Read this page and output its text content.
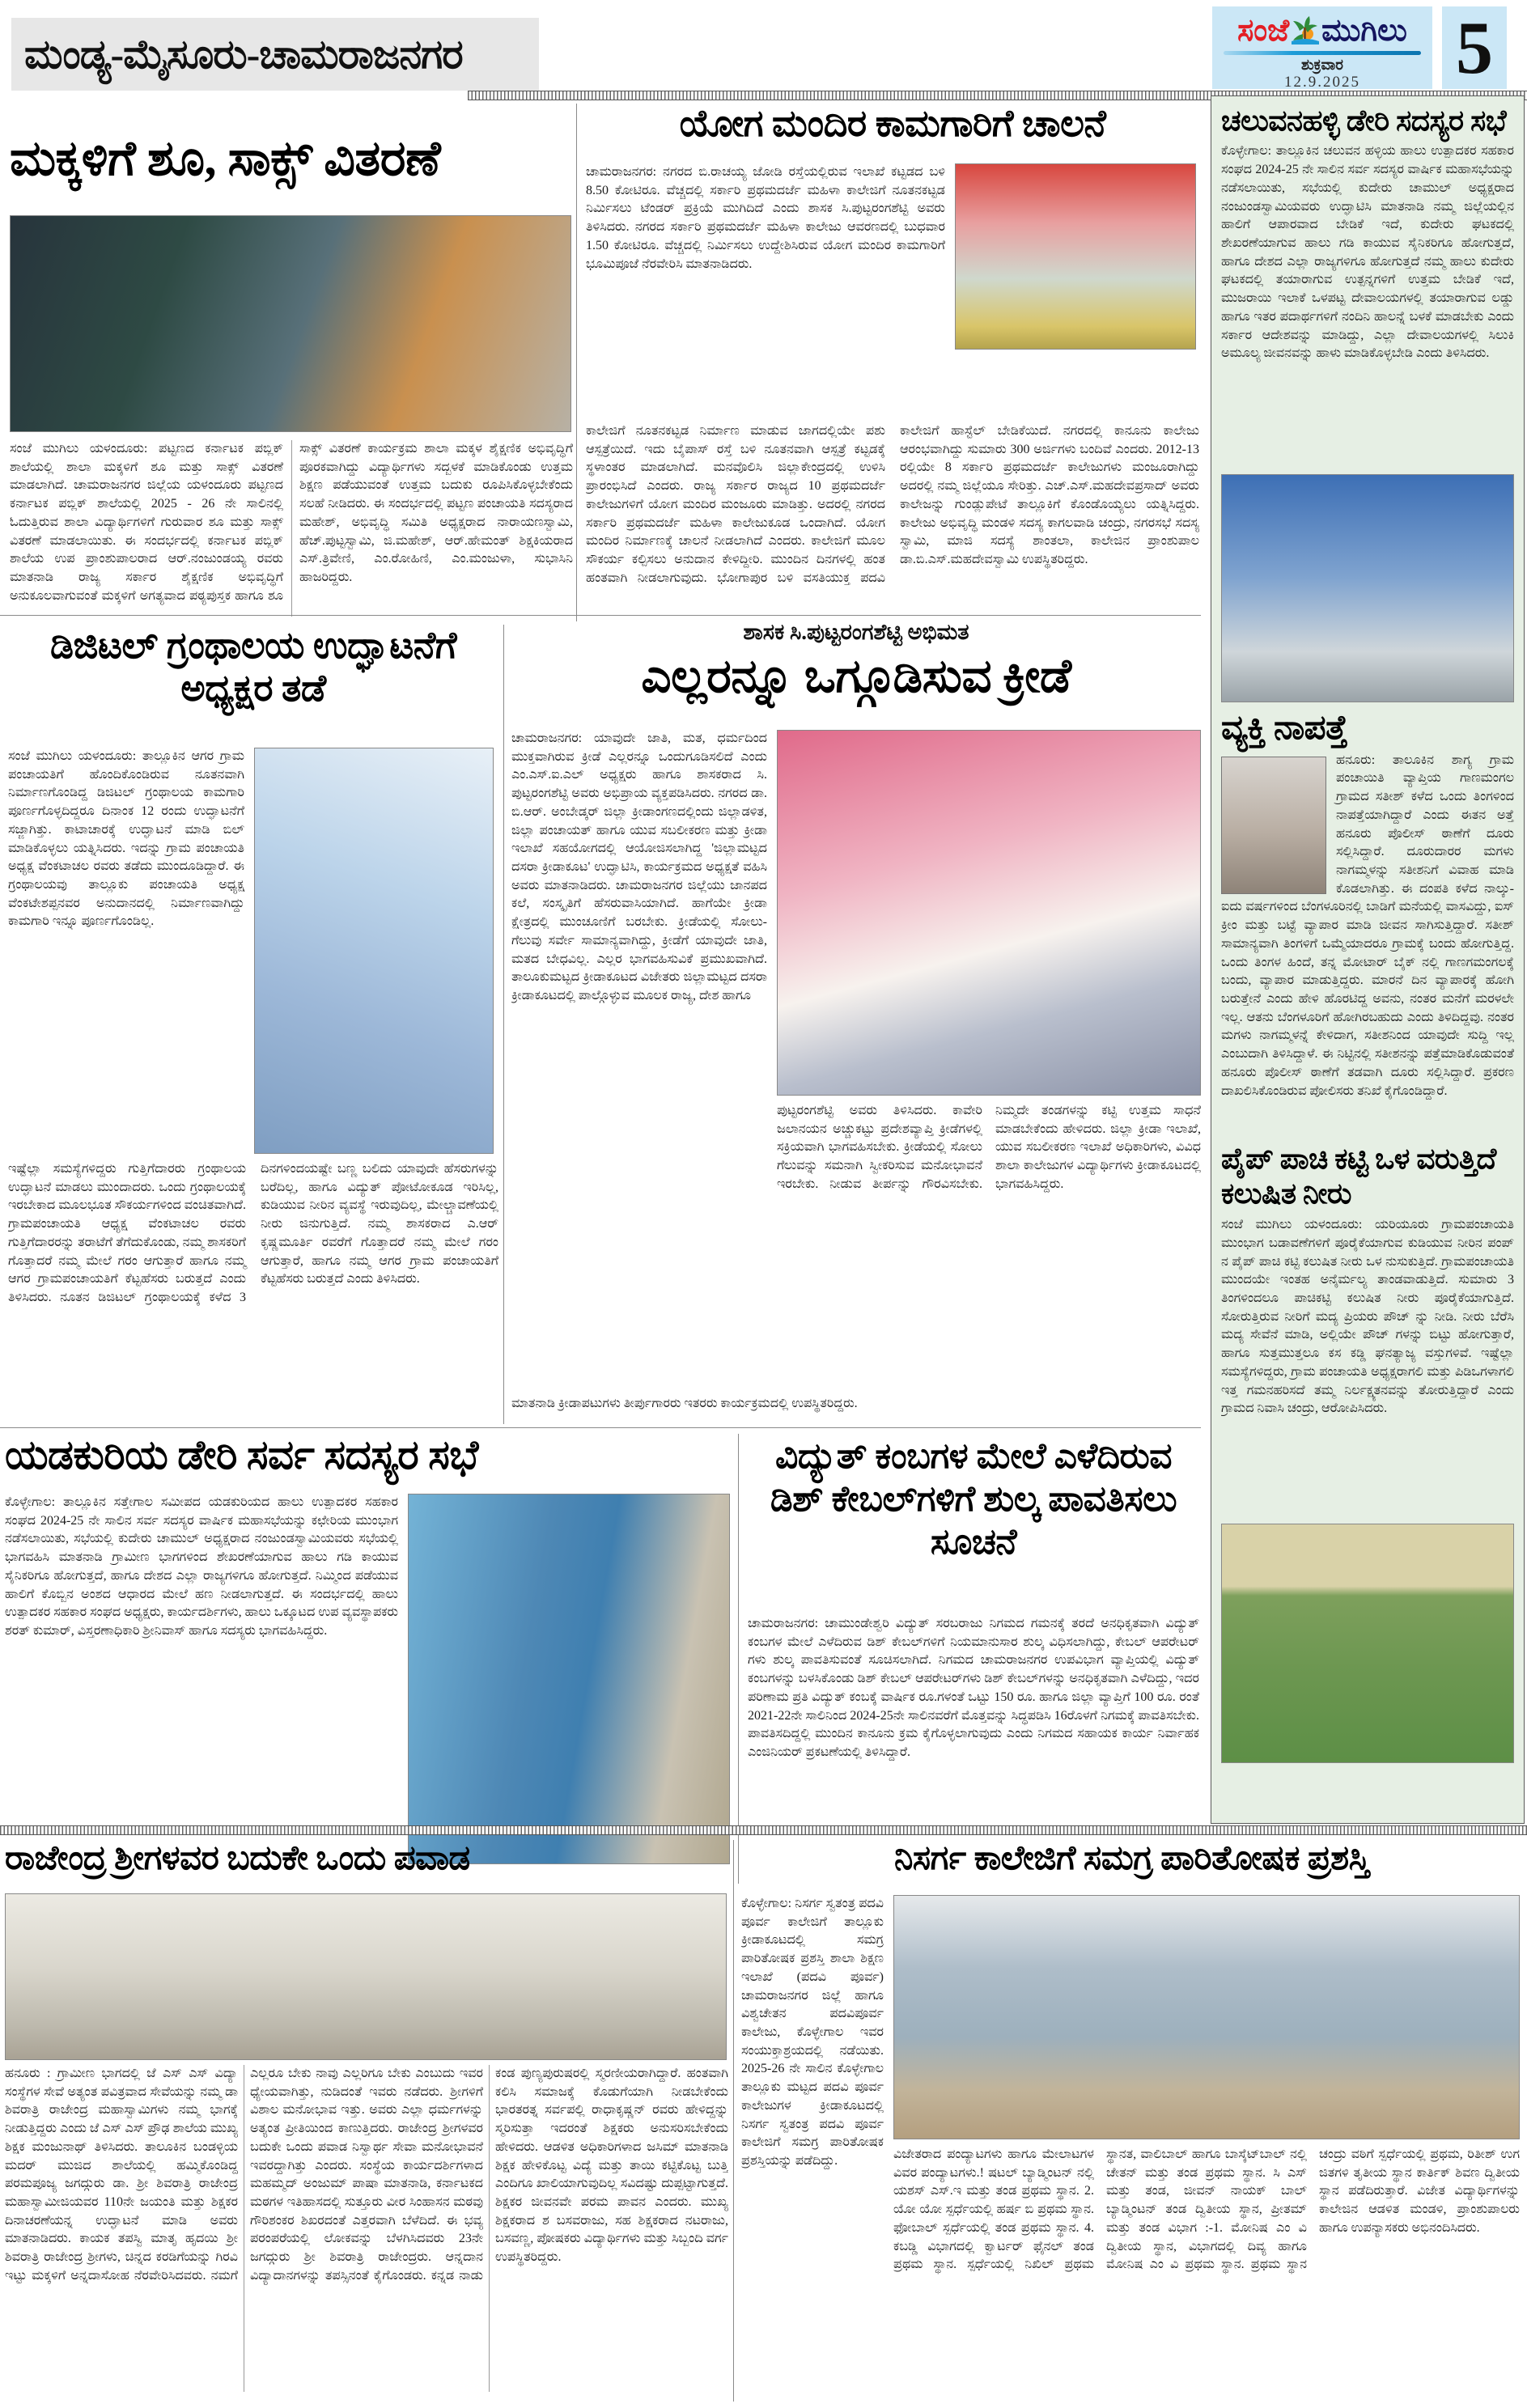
ಮಂಡ್ಯ-ಮೈಸೂರು-ಚಾಮರಾಜನಗರ
ಸಂಜೆ ಮುಗಿಲು
ಶುಕ್ರವಾರ
12.9.2025	5
ಮಕ್ಕಳಿಗೆ ಶೂ, ಸಾಕ್ಸ್ ವಿತರಣೆ
ಸಂಜೆ ಮುಗಿಲು ಯಳಂದೂರು: ಪಟ್ಟಣದ ಕರ್ನಾಟಕ ಪಬ್ಲಿಕ್ ಶಾಲೆಯಲ್ಲಿ ಶಾಲಾ ಮಕ್ಕಳಿಗೆ ಶೂ ಮತ್ತು ಸಾಕ್ಸ್ ವಿತರಣೆ ಮಾಡಲಾಗಿದೆ. ಚಾಮರಾಜನಗರ ಜಿಲ್ಲೆಯ ಯಳಂದೂರು ಪಟ್ಟಣದ ಕರ್ನಾಟಕ ಪಬ್ಲಿಕ್ ಶಾಲೆಯಲ್ಲಿ 2025 - 26 ನೇ ಸಾಲಿನಲ್ಲಿ ಓದುತ್ತಿರುವ ಶಾಲಾ ವಿದ್ಯಾರ್ಥಿಗಳಿಗೆ ಗುರುವಾರ ಶೂ ಮತ್ತು ಸಾಕ್ಸ್ ವಿತರಣೆ ಮಾಡಲಾಯಿತು. ಈ ಸಂದರ್ಭದಲ್ಲಿ ಕರ್ನಾಟಕ ಪಬ್ಲಿಕ್ ಶಾಲೆಯ ಉಪ ಪ್ರಾಂಶುಪಾಲರಾದ ಆರ್.ನಂಜುಂಡಯ್ಯ ರವರು ಮಾತನಾಡಿ ರಾಜ್ಯ ಸರ್ಕಾರ ಶೈಕ್ಷಣಿಕ ಅಭಿವೃದ್ಧಿಗೆ ಅನುಕೂಲವಾಗುವಂತೆ ಮಕ್ಕಳಿಗೆ ಅಗತ್ಯವಾದ ಪಠ್ಯಪುಸ್ತಕ ಹಾಗೂ ಶೂ ಸಾಕ್ಸ್ ವಿತರಣೆ ಕಾರ್ಯಕ್ರಮ ಶಾಲಾ ಮಕ್ಕಳ ಶೈಕ್ಷಣಿಕ ಅಭಿವೃದ್ಧಿಗೆ ಪೂರಕವಾಗಿದ್ದು ವಿದ್ಯಾರ್ಥಿಗಳು ಸದ್ಬಳಕೆ ಮಾಡಿಕೊಂಡು ಉತ್ತಮ ಶಿಕ್ಷಣ ಪಡೆಯುವಂತೆ ಉತ್ತಮ ಬದುಕು ರೂಪಿಸಿಕೊಳ್ಳಬೇಕೆಂದು ಸಲಹೆ ನೀಡಿದರು. ಈ ಸಂದರ್ಭದಲ್ಲಿ ಪಟ್ಟಣ ಪಂಚಾಯತಿ ಸದಸ್ಯರಾದ ಮಹೇಶ್, ಅಭಿವೃದ್ಧಿ ಸಮಿತಿ ಅಧ್ಯಕ್ಷರಾದ ನಾರಾಯಣಸ್ವಾಮಿ, ಹೆಚ್.ಪುಟ್ಟಸ್ವಾಮಿ, ಜಿ.ಮಹೇಶ್, ಆರ್.ಹೇಮಂತ್ ಶಿಕ್ಷಕಿಯರಾದ ಎಸ್.ತ್ರಿವೇಣಿ, ಎಂ.ರೋಹಿಣಿ, ಎಂ.ಮಂಜುಳಾ, ಸುಭಾಸಿನಿ ಹಾಜರಿದ್ದರು.
ಯೋಗ ಮಂದಿರ ಕಾಮಗಾರಿಗೆ ಚಾಲನೆ
ಚಾಮರಾಜನಗರ: ನಗರದ ಬಿ.ರಾಚಯ್ಯ ಜೋಡಿ ರಸ್ತೆಯಲ್ಲಿರುವ ಇಲಾಖೆ ಕಟ್ಟಡದ ಬಳಿ 8.50 ಕೋಟಿರೂ. ವೆಚ್ಚದಲ್ಲಿ ಸರ್ಕಾರಿ ಪ್ರಥಮದರ್ಜೆ ಮಹಿಳಾ ಕಾಲೇಜಿಗೆ ನೂತನಕಟ್ಟಡ ನಿರ್ಮಿಸಲು ಟೆಂಡರ್ ಪ್ರಕ್ರಿಯೆ ಮುಗಿದಿದೆ ಎಂದು ಶಾಸಕ ಸಿ.ಪುಟ್ಟರಂಗಶೆಟ್ಟಿ ಅವರು ತಿಳಿಸಿದರು. ನಗರದ ಸರ್ಕಾರಿ ಪ್ರಥಮದರ್ಜೆ ಮಹಿಳಾ ಕಾಲೇಜು ಆವರಣದಲ್ಲಿ ಬುಧವಾರ 1.50 ಕೋಟಿರೂ. ವೆಚ್ಚದಲ್ಲಿ ನಿರ್ಮಿಸಲು ಉದ್ದೇಶಿಸಿರುವ ಯೋಗ ಮಂದಿರ ಕಾಮಗಾರಿಗೆ ಭೂಮಿಪೂಜೆ ನೆರವೇರಿಸಿ ಮಾತನಾಡಿದರು.
ಕಾಲೇಜಿಗೆ ನೂತನಕಟ್ಟಡ ನಿರ್ಮಾಣ ಮಾಡುವ ಜಾಗದಲ್ಲಿಯೇ ಪಶು ಆಸ್ಪತ್ರೆಯಿದೆ. ಇದು ಬೈಪಾಸ್ ರಸ್ತೆ ಬಳಿ ನೂತನವಾಗಿ ಆಸ್ಪತ್ರೆ ಕಟ್ಟಡಕ್ಕೆ ಸ್ಥಳಾಂತರ ಮಾಡಲಾಗಿದೆ. ಮನವೊಲಿಸಿ ಜಿಲ್ಲಾಕೇಂದ್ರದಲ್ಲಿ ಉಳಿಸಿ ಪ್ರಾರಂಭಿಸಿದೆ ಎಂದರು. ರಾಜ್ಯ ಸರ್ಕಾರ ರಾಜ್ಯದ 10 ಪ್ರಥಮದರ್ಜೆ ಕಾಲೇಜುಗಳಿಗೆ ಯೋಗ ಮಂದಿರ ಮಂಜೂರು ಮಾಡಿತ್ತು. ಅದರಲ್ಲಿ ನಗರದ ಸರ್ಕಾರಿ ಪ್ರಥಮದರ್ಜೆ ಮಹಿಳಾ ಕಾಲೇಜುಕೂಡ ಒಂದಾಗಿದೆ. ಯೋಗ ಮಂದಿರ ನಿರ್ಮಾಣಕ್ಕೆ ಚಾಲನೆ ನೀಡಲಾಗಿದೆ ಎಂದರು. ಕಾಲೇಜಿಗೆ ಮೂಲ ಸೌಕರ್ಯ ಕಲ್ಪಿಸಲು ಅನುದಾನ ಕೇಳಿದ್ದೀರಿ. ಮುಂದಿನ ದಿನಗಳಲ್ಲಿ ಹಂತ ಹಂತವಾಗಿ ನೀಡಲಾಗುವುದು. ಭೋಗಾಪುರ ಬಳಿ ವಸತಿಯುಕ್ತ ಪದವಿ ಕಾಲೇಜಿಗೆ ಹಾಸ್ಟೆಲ್ ಬೇಡಿಕೆಯಿದೆ. ನಗರದಲ್ಲಿ ಕಾನೂನು ಕಾಲೇಜು ಆರಂಭವಾಗಿದ್ದು ಸುಮಾರು 300 ಅರ್ಜಿಗಳು ಬಂದಿವೆ ಎಂದರು. 2012-13 ರಲ್ಲಿಯೇ 8 ಸರ್ಕಾರಿ ಪ್ರಥಮದರ್ಜೆ ಕಾಲೇಜುಗಳು ಮಂಜೂರಾಗಿದ್ದು ಅದರಲ್ಲಿ ನಮ್ಮ ಜಿಲ್ಲೆಯೂ ಸೇರಿತ್ತು. ಎಚ್.ಎಸ್.ಮಹದೇವಪ್ರಸಾದ್ ಅವರು ಕಾಲೇಜನ್ನು ಗುಂಡ್ಲುಪೇಟೆ ತಾಲ್ಲೂಕಿಗೆ ಕೊಂಡೊಯ್ಯಲು ಯತ್ನಿಸಿದ್ದರು. ಕಾಲೇಜು ಅಭಿವೃದ್ಧಿ ಮಂಡಳಿ ಸದಸ್ಯ ಕಾಗಲವಾಡಿ ಚಂದ್ರು, ನಗರಸಭೆ ಸದಸ್ಯ ಸ್ವಾಮಿ, ಮಾಜಿ ಸದಸ್ಯೆ ಶಾಂತಲಾ, ಕಾಲೇಜಿನ ಪ್ರಾಂಶುಪಾಲ ಡಾ.ಬಿ.ಎಸ್.ಮಹದೇವಸ್ವಾಮಿ ಉಪಸ್ಥಿತರಿದ್ದರು.
ಚಲುವನಹಳ್ಳಿ ಡೇರಿ ಸದಸ್ಯರ ಸಭೆ
ಕೊಳ್ಳೇಗಾಲ: ತಾಲ್ಲೂಕಿನ ಚಲುವನ ಹಳ್ಳಿಯ ಹಾಲು ಉತ್ಪಾದಕರ ಸಹಕಾರ ಸಂಘದ 2024-25 ನೇ ಸಾಲಿನ ಸರ್ವ ಸದಸ್ಯರ ವಾರ್ಷಿಕ ಮಹಾಸಭೆಯನ್ನು ನಡೆಸಲಾಯಿತು, ಸಭೆಯಲ್ಲಿ ಕುದೇರು ಚಾಮುಲ್ ಅಧ್ಯಕ್ಷರಾದ ನಂಜುಂಡಸ್ವಾಮಿಯವರು ಉದ್ಘಾಟಿಸಿ ಮಾತನಾಡಿ ನಮ್ಮ ಜಿಲ್ಲೆಯಲ್ಲಿನ ಹಾಲಿಗೆ ಆಪಾರವಾದ ಬೇಡಿಕೆ ಇದೆ, ಕುದೇರು ಘಟಕದಲ್ಲಿ ಶೇಖರಣೆಯಾಗುವ ಹಾಲು ಗಡಿ ಕಾಯುವ ಸೈನಿಕರಿಗೂ ಹೋಗುತ್ತದೆ, ಹಾಗೂ ದೇಶದ ಎಲ್ಲಾ ರಾಜ್ಯಗಳಿಗೂ ಹೋಗುತ್ತದೆ ನಮ್ಮ ಹಾಲು ಕುದೇರು ಘಟಕದಲ್ಲಿ ತಯಾರಾಗುವ ಉತ್ಪನ್ನಗಳಿಗೆ ಉತ್ತಮ ಬೇಡಿಕೆ ಇದೆ, ಮುಜರಾಯಿ ಇಲಾಕೆ ಒಳಪಟ್ಟ ದೇವಾಲಯಗಳಲ್ಲಿ ತಯಾರಾಗುವ ಲಡ್ಡು ಹಾಗೂ ಇತರ ಪದಾರ್ಥಗಳಿಗೆ ನಂದಿನಿ ಹಾಲನ್ನೆ ಬಳಕೆ ಮಾಡಬೇಕು ಎಂದು ಸರ್ಕಾರ ಆದೇಶವನ್ನು ಮಾಡಿದ್ದು, ಎಲ್ಲಾ ದೇವಾಲಯಗಳಲ್ಲಿ ಸಿಲುಕಿ ಅಮೂಲ್ಯ ಜೀವನವನ್ನು ಹಾಳು ಮಾಡಿಕೊಳ್ಳಬೇಡಿ ಎಂದು ತಿಳಿಸಿದರು.
ವ್ಯಕ್ತಿ ನಾಪತ್ತೆ
ಹನೂರು: ತಾಲೂಕಿನ ಶಾಗ್ಯ ಗ್ರಾಮ ಪಂಚಾಯಿತಿ ವ್ಯಾಪ್ತಿಯ ಗಾಣಮಂಗಲ ಗ್ರಾಮದ ಸತೀಶ್ ಕಳೆದ ಒಂದು ತಿಂಗಳಿಂದ ನಾಪತ್ತೆಯಾಗಿದ್ದಾರೆ ಎಂದು ಈತನ ಅತ್ತೆ ಹನೂರು ಪೊಲೀಸ್ ಠಾಣೆಗೆ ದೂರು ಸಲ್ಲಿಸಿದ್ದಾರೆ. ದೂರುದಾರರ ಮಗಳು ನಾಗಮ್ಮಳನ್ನು ಸತೀಶನಿಗೆ ವಿವಾಹ ಮಾಡಿ ಕೊಡಲಾಗಿತ್ತು. ಈ ದಂಪತಿ ಕಳೆದ ನಾಲ್ಕು-ಐದು ವರ್ಷಗಳಿಂದ ಬೆಂಗಳೂರಿನಲ್ಲಿ ಬಾಡಿಗೆ ಮನೆಯಲ್ಲಿ ವಾಸವಿದ್ದು, ಐಸ್ ಕ್ರೀಂ ಮತ್ತು ಬಟ್ಟೆ ವ್ಯಾಪಾರ ಮಾಡಿ ಜೀವನ ಸಾಗಿಸುತ್ತಿದ್ದಾರೆ. ಸತೀಶ್ ಸಾಮಾನ್ಯವಾಗಿ ತಿಂಗಳಿಗೆ ಒಮ್ಮೆಯಾದರೂ ಗ್ರಾಮಕ್ಕೆ ಬಂದು ಹೋಗುತ್ತಿದ್ದ. ಒಂದು ತಿಂಗಳ ಹಿಂದೆ, ತನ್ನ ಮೋಟಾರ್ ಬೈಕ್ ನಲ್ಲಿ ಗಾಣಗಮಂಗಲಕ್ಕೆ ಬಂದು, ವ್ಯಾಪಾರ ಮಾಡುತ್ತಿದ್ದರು. ಮಾರನೆ ದಿನ ವ್ಯಾಪಾರಕ್ಕೆ ಹೋಗಿ ಬರುತ್ತೇನೆ ಎಂದು ಹೇಳಿ ಹೊರಟಿದ್ದ ಅವನು, ನಂತರ ಮನೆಗೆ ಮರಳಲೇ ಇಲ್ಲ. ಆತನು ಬೆಂಗಳೂರಿಗೆ ಹೋಗಿರಬಹುದು ಎಂದು ತಿಳಿದಿದ್ದವು. ನಂತರ ಮಗಳು ನಾಗಮ್ಮಳನ್ನೆ ಕೇಳಿದಾಗ, ಸತೀಶನಿಂದ ಯಾವುದೇ ಸುದ್ದಿ ಇಲ್ಲ ಎಂಬುದಾಗಿ ತಿಳಿಸಿದ್ದಾಳೆ. ಈ ನಿಟ್ಟಿನಲ್ಲಿ ಸತೀಶನನ್ನು ಪತ್ತೆಮಾಡಿಕೊಡುವಂತೆ ಹನೂರು ಪೊಲೀಸ್ ಠಾಣೆಗೆ ತಡವಾಗಿ ದೂರು ಸಲ್ಲಿಸಿದ್ದಾರೆ. ಪ್ರಕರಣ ದಾಖಲಿಸಿಕೊಂಡಿರುವ ಪೋಲಿಸರು ತನಿಖೆ ಕೈಗೊಂಡಿದ್ದಾರೆ.
ಪೈಪ್ ಪಾಚಿ ಕಟ್ಟಿ ಒಳ ವರುತ್ತಿದೆ ಕಲುಷಿತ ನೀರು
ಸಂಜೆ ಮುಗಿಲು ಯಳಂದೂರು: ಯರಿಯೂರು ಗ್ರಾಮಪಂಚಾಯತಿ ಮುಂಭಾಗ ಬಡಾವಣೆಗಳಿಗೆ ಪೂರೈಕೆಯಾಗುವ ಕುಡಿಯುವ ನೀರಿನ ಪಂಪ್ ನ ಪೈಪ್ ಪಾಚಿ ಕಟ್ಟಿ ಕಲುಷಿತ ನೀರು ಒಳ ನುಸುಕುತ್ತಿದೆ. ಗ್ರಾಮಪಂಚಾಯತಿ ಮುಂದಯೇ ಇಂತಹ ಅನೈರ್ಮಲ್ಯ ತಾಂಡವಾಡುತ್ತಿದೆ. ಸುಮಾರು 3 ತಿಂಗಳಿಂದಲೂ ಪಾಚಿಕಟ್ಟಿ ಕಲುಷಿತ ನೀರು ಪೂರೈಕೆಯಾಗುತ್ತಿದೆ. ಸೋರುತ್ತಿರುವ ನೀರಿಗೆ ಮದ್ಯ ಪ್ರಿಯರು ಪೌಚ್ ನ್ನು ನೀಡಿ. ನೀರು ಬೆರೆಸಿ ಮದ್ಯ ಸೇವೆನೆ ಮಾಡಿ, ಅಲ್ಲಿಯೇ ಪೌಚ್ ಗಳನ್ನು ಬಿಟ್ಟು ಹೋಗುತ್ತಾರೆ, ಹಾಗೂ ಸುತ್ತಮುತ್ತಲೂ ಕಸ ಕಡ್ಡಿ ಘನತ್ಯಾಜ್ಯ ವಸ್ತುಗಳಿವೆ. ಇಷ್ಟೆಲ್ಲಾ ಸಮಸ್ಯೆಗಳಿದ್ದರು, ಗ್ರಾಮ ಪಂಚಾಯತಿ ಅಧ್ಯಕ್ಷರಾಗಲಿ ಮತ್ತು ಪಿಡಿಒಗಳಾಗಲಿ ಇತ್ತ ಗಮನಹರಿಸದೆ ತಮ್ಮ ನಿರ್ಲಕ್ಷ್ಯತನವನ್ನು ತೋರುತ್ತಿದ್ದಾರೆ ಎಂದು ಗ್ರಾಮದ ನಿವಾಸಿ ಚಂದ್ರು, ಆರೋಪಿಸಿದರು.
ಡಿಜಿಟಲ್ ಗ್ರಂಥಾಲಯ ಉದ್ಘಾಟನೆಗೆ ಅಧ್ಯಕ್ಷರ ತಡೆ
ಸಂಜೆ ಮುಗಿಲು ಯಳಂದೂರು: ತಾಲ್ಲೂಕಿನ ಆಗರ ಗ್ರಾಮ ಪಂಚಾಯತಿಗೆ ಹೊಂದಿಕೊಂಡಿರುವ ನೂತನವಾಗಿ ನಿರ್ಮಾಣಗೊಂಡಿದ್ದ ಡಿಜಿಟಲ್ ಗ್ರಂಥಾಲಯ ಕಾಮಗಾರಿ ಪೂರ್ಣಗೊಳ್ಳದಿದ್ದರೂ ದಿನಾಂಕ 12 ರಂದು ಉದ್ಘಾಟನೆಗೆ ಸಜ್ಜಾಗಿತ್ತು. ಕಾಟಾಚಾರಕ್ಕೆ ಉದ್ಘಾಟನೆ ಮಾಡಿ ಬಿಲ್ ಮಾಡಿಕೊಳ್ಳಲು ಯತ್ನಿಸಿದರು. ಇದನ್ನು ಗ್ರಾಮ ಪಂಚಾಯತಿ ಅಧ್ಯಕ್ಷ ವೆಂಕಟಾಚಲ ರವರು ತಡೆದು ಮುಂದೂಡಿದ್ದಾರೆ. ಈ ಗ್ರಂಥಾಲಯವು ತಾಲ್ಲೂಕು ಪಂಚಾಯತಿ ಅಧ್ಯಕ್ಷ ವೆಂಕಟೇಶಪ್ಪನವರ ಅನುದಾನದಲ್ಲಿ ನಿರ್ಮಾಣವಾಗಿದ್ದು ಕಾಮಗಾರಿ ಇನ್ನೂ ಪೂರ್ಣಗೊಂಡಿಲ್ಲ.
ಇಷ್ಟೆಲ್ಲಾ ಸಮಸ್ಯೆಗಳಿದ್ದರು ಗುತ್ತಿಗೆದಾರರು ಗ್ರಂಥಾಲಯ ಉದ್ಘಾಟನೆ ಮಾಡಲು ಮುಂದಾದರು. ಒಂದು ಗ್ರಂಥಾಲಯಕ್ಕೆ ಇರಬೇಕಾದ ಮೂಲಭೂತ ಸೌಕರ್ಯಗಳಿಂದ ವಂಚಿತವಾಗಿದೆ. ಗ್ರಾಮಪಂಚಾಯತಿ ಆಧ್ಯಕ್ಷ ವೆಂಕಟಾಚಲ ರವರು ಗುತ್ತಿಗೆದಾರರನ್ನು ತರಾಟೆಗೆ ತೆಗೆದುಕೊಂಡು, ನಮ್ಮ ಶಾಸಕರಿಗೆ ಗೊತ್ತಾದರೆ ನಮ್ಮ ಮೇಲೆ ಗರಂ ಆಗುತ್ತಾರೆ ಹಾಗೂ ನಮ್ಮ ಆಗರ ಗ್ರಾಮಪಂಚಾಯತಿಗೆ ಕೆಟ್ಟಹೆಸರು ಬರುತ್ತದೆ ಎಂದು ತಿಳಿಸಿದರು. ನೂತನ ಡಿಜಿಟಲ್ ಗ್ರಂಥಾಲಯಕ್ಕೆ ಕಳೆದ 3 ದಿನಗಳಿಂದಯಷ್ಟೇ ಬಣ್ಣ ಬಲಿದು ಯಾವುದೇ ಹೆಸರುಗಳನ್ನು ಬರೆದಿಲ್ಲ, ಹಾಗೂ ವಿದ್ಯುತ್ ಪೋಟೋಕೂಡ ಇರಿಸಿಲ್ಲ, ಕುಡಿಯುವ ನೀರಿನ ವ್ಯವಸ್ಥೆ ಇರುವುದಿಲ್ಲ, ಮೇಲ್ಚಾವಣೆಯಲ್ಲಿ ನೀರು ಜಿನುಗುತ್ತಿದೆ. ನಮ್ಮ ಶಾಸಕರಾದ ಎ.ಆರ್ ಕೃಷ್ಣಮೂರ್ತಿ ರವರೆಗೆ ಗೊತ್ತಾದರೆ ನಮ್ಮ ಮೇಲೆ ಗರಂ ಆಗುತ್ತಾರೆ, ಹಾಗೂ ನಮ್ಮ ಆಗರ ಗ್ರಾಮ ಪಂಚಾಯತಿಗೆ ಕೆಟ್ಟಹೆಸರು ಬರುತ್ತದೆ ಎಂದು ತಿಳಿಸಿದರು.
ಶಾಸಕ ಸಿ.ಪುಟ್ಟರಂಗಶೆಟ್ಟಿ ಅಭಿಮತ
ಎಲ್ಲರನ್ನೂ ಒಗ್ಗೂಡಿಸುವ ಕ್ರೀಡೆ
ಚಾಮರಾಜನಗರ: ಯಾವುದೇ ಜಾತಿ, ಮತ, ಧರ್ಮದಿಂದ ಮುಕ್ತವಾಗಿರುವ ಕ್ರೀಡೆ ಎಲ್ಲರನ್ನೂ ಒಂದುಗೂಡಿಸಲಿದೆ ಎಂದು ಎಂ.ಎಸ್.ಐ.ಎಲ್ ಅಧ್ಯಕ್ಷರು ಹಾಗೂ ಶಾಸಕರಾದ ಸಿ. ಪುಟ್ಟರಂಗಶೆಟ್ಟಿ ಅವರು ಅಭಿಪ್ರಾಯ ವ್ಯಕ್ತಪಡಿಸಿದರು. ನಗರದ ಡಾ. ಬಿ.ಆರ್. ಅಂಬೇಡ್ಕರ್ ಜಿಲ್ಲಾ ಕ್ರೀಡಾಂಗಣದಲ್ಲಿಂದು ಜಿಲ್ಲಾಡಳಿತ, ಜಿಲ್ಲಾ ಪಂಚಾಯತ್ ಹಾಗೂ ಯುವ ಸಬಲೀಕರಣ ಮತ್ತು ಕ್ರೀಡಾ ಇಲಾಖೆ ಸಹಯೋಗದಲ್ಲಿ ಆಯೋಜಿಸಲಾಗಿದ್ದ 'ಜಿಲ್ಲಾಮಟ್ಟದ ದಸರಾ ಕ್ರೀಡಾಕೂಟ' ಉದ್ಘಾಟಿಸಿ, ಕಾರ್ಯಕ್ರಮದ ಅಧ್ಯಕ್ಷತೆ ವಹಿಸಿ ಅವರು ಮಾತನಾಡಿದರು. ಚಾಮರಾಜನಗರ ಜಿಲ್ಲೆಯು ಜಾನಪದ ಕಲೆ, ಸಂಸ್ಕೃತಿಗೆ ಹೆಸರುವಾಸಿಯಾಗಿದೆ. ಹಾಗೆಯೇ ಕ್ರೀಡಾ ಕ್ಷೇತ್ರದಲ್ಲಿ ಮುಂಚೂಣಿಗೆ ಬರಬೇಕು. ಕ್ರೀಡೆಯಲ್ಲಿ ಸೋಲು-ಗೆಲುವು ಸರ್ವೇ ಸಾಮಾನ್ಯವಾಗಿದ್ದು, ಕ್ರೀಡೆಗೆ ಯಾವುದೇ ಜಾತಿ, ಮತದ ಬೇಧವಿಲ್ಲ. ಎಲ್ಲರ ಭಾಗವಹಿಸುವಿಕೆ ಪ್ರಮುಖವಾಗಿದೆ. ತಾಲೂಕುಮಟ್ಟದ ಕ್ರೀಡಾಕೂಟದ ವಿಜೇತರು ಜಿಲ್ಲಾಮಟ್ಟದ ದಸರಾ ಕ್ರೀಡಾಕೂಟದಲ್ಲಿ ಪಾಲ್ಗೊಳ್ಳುವ ಮೂಲಕ ರಾಜ್ಯ, ದೇಶ ಹಾಗೂ
ಪುಟ್ಟರಂಗಶೆಟ್ಟಿ ಅವರು ತಿಳಿಸಿದರು. ಕಾವೇರಿ ಜಲಾನಯನ ಅಚ್ಚುಕಟ್ಟು ಪ್ರದೇಶವ್ಯಾಪ್ತಿ ಕ್ರೀಡೆಗಳಲ್ಲಿ ಸಕ್ರಿಯವಾಗಿ ಭಾಗವಹಿಸಬೇಕು. ಕ್ರೀಡೆಯಲ್ಲಿ ಸೋಲು ಗೆಲುವನ್ನು ಸಮನಾಗಿ ಸ್ವೀಕರಿಸುವ ಮನೋಭಾವನೆ ಇರಬೇಕು. ನೀಡುವ ತೀರ್ಪನ್ನು ಗೌರವಿಸಬೇಕು. ನಿಮ್ಮದೇ ತಂಡಗಳನ್ನು ಕಟ್ಟಿ ಉತ್ತಮ ಸಾಧನೆ ಮಾಡಬೇಕೆಂದು ಹೇಳಿದರು. ಜಿಲ್ಲಾ ಕ್ರೀಡಾ ಇಲಾಖೆ, ಯುವ ಸಬಲೀಕರಣ ಇಲಾಖೆ ಅಧಿಕಾರಿಗಳು, ವಿವಿಧ ಶಾಲಾ ಕಾಲೇಜುಗಳ ವಿದ್ಯಾರ್ಥಿಗಳು ಕ್ರೀಡಾಕೂಟದಲ್ಲಿ ಭಾಗವಹಿಸಿದ್ದರು.
ಮಾತನಾಡಿ ಕ್ರೀಡಾಪಟುಗಳು ತೀರ್ಪುಗಾರರು ಇತರರು ಕಾರ್ಯಕ್ರಮದಲ್ಲಿ ಉಪಸ್ಥಿತರಿದ್ದರು.
ಯಡಕುರಿಯ ಡೇರಿ ಸರ್ವ ಸದಸ್ಯರ ಸಭೆ
ಕೊಳ್ಳೇಗಾಲ: ತಾಲ್ಲೂಕಿನ ಸತ್ತೇಗಾಲ ಸಮೀಪದ ಯಡಕುರಿಯದ ಹಾಲು ಉತ್ಪಾದಕರ ಸಹಕಾರ ಸಂಘದ 2024-25 ನೇ ಸಾಲಿನ ಸರ್ವ ಸದಸ್ಯರ ವಾರ್ಷಿಕ ಮಹಾಸಭೆಯನ್ನು ಕಛೇರಿಯ ಮುಂಭಾಗ ನಡೆಸಲಾಯಿತು, ಸಭೆಯಲ್ಲಿ ಕುದೇರು ಚಾಮುಲ್ ಅಧ್ಯಕ್ಷರಾದ ನಂಜುಂಡಸ್ವಾಮಿಯವರು ಸಭೆಯಲ್ಲಿ ಭಾಗವಹಿಸಿ ಮಾತನಾಡಿ ಗ್ರಾಮೀಣ ಭಾಗಗಳಿಂದ ಶೇಖರಣೆಯಾಗುವ ಹಾಲು ಗಡಿ ಕಾಯುವ ಸೈನಿಕರಿಗೂ ಹೋಗುತ್ತದೆ, ಹಾಗೂ ದೇಶದ ಎಲ್ಲಾ ರಾಜ್ಯಗಳಿಗೂ ಹೋಗುತ್ತದೆ. ನಿಮ್ಮಿಂದ ಪಡೆಯುವ ಹಾಲಿಗೆ ಕೊಬ್ಬಿನ ಅಂಶದ ಆಧಾರದ ಮೇಲೆ ಹಣ ನೀಡಲಾಗುತ್ತದೆ. ಈ ಸಂದರ್ಭದಲ್ಲಿ ಹಾಲು ಉತ್ಪಾದಕರ ಸಹಕಾರ ಸಂಘದ ಅಧ್ಯಕ್ಷರು, ಕಾರ್ಯದರ್ಶಿಗಳು, ಹಾಲು ಒಕ್ಕೂಟದ ಉಪ ವ್ಯವಸ್ಥಾಪಕರು ಶರತ್ ಕುಮಾರ್, ವಿಸ್ತರಣಾಧಿಕಾರಿ ಶ್ರೀನಿವಾಸ್ ಹಾಗೂ ಸದಸ್ಯರು ಭಾಗವಹಿಸಿದ್ದರು.
ವಿದ್ಯುತ್ ಕಂಬಗಳ ಮೇಲೆ ಎಳೆದಿರುವ ಡಿಶ್ ಕೇಬಲ್‌ಗಳಿಗೆ ಶುಲ್ಕ ಪಾವತಿಸಲು ಸೂಚನೆ
ಚಾಮರಾಜನಗರ: ಚಾಮುಂಡೇಶ್ವರಿ ವಿದ್ಯುತ್ ಸರಬರಾಜು ನಿಗಮದ ಗಮನಕ್ಕೆ ತರದೆ ಅನಧಿಕೃತವಾಗಿ ವಿದ್ಯುತ್ ಕಂಬಗಳ ಮೇಲೆ ಎಳೆದಿರುವ ಡಿಶ್ ಕೇಬಲ್‌ಗಳಿಗೆ ನಿಯಮಾನುಸಾರ ಶುಲ್ಕ ವಿಧಿಸಲಾಗಿದ್ದು, ಕೇಬಲ್ ಆಪರೇಟರ್ ಗಳು ಶುಲ್ಕ ಪಾವತಿಸುವಂತೆ ಸೂಚಿಸಲಾಗಿದೆ. ನಿಗಮದ ಚಾಮರಾಜನಗರ ಉಪವಿಭಾಗ ವ್ಯಾಪ್ತಿಯಲ್ಲಿ ವಿದ್ಯುತ್ ಕಂಬಗಳನ್ನು ಬಳಸಿಕೊಂಡು ಡಿಶ್ ಕೇಬಲ್ ಆಪರೇಟರ್‌ಗಳು ಡಿಶ್ ಕೇಬಲ್‌ಗಳನ್ನು ಅನಧಿಕೃತವಾಗಿ ಎಳೆದಿದ್ದು, ಇದರ ಪರಿಣಾಮ ಪ್ರತಿ ವಿದ್ಯುತ್ ಕಂಬಕ್ಕೆ ವಾರ್ಷಿಕ ರೂ.ಗಳಂತೆ ಒಟ್ಟು 150 ರೂ. ಹಾಗೂ ಜಿಲ್ಲಾ ವ್ಯಾಪ್ತಿಗೆ 100 ರೂ. ರಂತೆ 2021-22ನೇ ಸಾಲಿನಿಂದ 2024-25ನೇ ಸಾಲಿನವರೆಗೆ ಮೊತ್ತವನ್ನು ಸಿದ್ಧಪಡಿಸಿ 16ರೊಳಗೆ ನಿಗಮಕ್ಕೆ ಪಾವತಿಸಬೇಕು. ಪಾವತಿಸದಿದ್ದಲ್ಲಿ ಮುಂದಿನ ಕಾನೂನು ಕ್ರಮ ಕೈಗೊಳ್ಳಲಾಗುವುದು ಎಂದು ನಿಗಮದ ಸಹಾಯಕ ಕಾರ್ಯ ನಿರ್ವಾಹಕ ಎಂಜಿನಿಯರ್ ಪ್ರಕಟಣೆಯಲ್ಲಿ ತಿಳಿಸಿದ್ದಾರೆ.
ರಾಜೇಂದ್ರ ಶ್ರೀಗಳವರ ಬದುಕೇ ಒಂದು ಪವಾಡ
ಹನೂರು : ಗ್ರಾಮೀಣ ಭಾಗದಲ್ಲಿ ಜೆ ಎಸ್ ಎಸ್ ವಿದ್ಯಾ ಸಂಸ್ಥೆಗಳ ಸೇವೆ ಅತ್ಯಂತ ಪವಿತ್ರವಾದ ಸೇವೆಯನ್ನು ನಮ್ಮ ಡಾ ಶಿವರಾತ್ರಿ ರಾಜೇಂದ್ರ ಮಹಾಸ್ವಾಮಿಗಳು ನಮ್ಮ ಭಾಗಕ್ಕೆ ನೀಡುತ್ತಿದ್ದರು ಎಂದು ಜೆ ಎಸ್ ಎಸ್ ಪ್ರೌಢ ಶಾಲೆಯ ಮುಖ್ಯ ಶಿಕ್ಷಕ ಮಂಜುನಾಥ್ ತಿಳಿಸಿದರು. ತಾಲೂಕಿನ ಬಂಡಳ್ಳಿಯ ಮದರ್ ಮುಜಿದ ಶಾಲೆಯಲ್ಲಿ ಹಮ್ಮಿಕೊಂಡಿದ್ದ ಪರಮಪೂಜ್ಯ ಜಗದ್ಗುರು ಡಾ. ಶ್ರೀ ಶಿವರಾತ್ರಿ ರಾಜೇಂದ್ರ ಮಹಾಸ್ವಾಮೀಜಿಯವರ 110ನೇ ಜಯಂತಿ ಮತ್ತು ಶಿಕ್ಷಕರ ದಿನಾಚರಣೆಯನ್ನ ಉದ್ಘಾಟನೆ ಮಾಡಿ ಅವರು ಮಾತನಾಡಿದರು. ಕಾಯಕ ತಪಸ್ವಿ ಮಾತೃ ಹೃದಯಿ ಶ್ರೀ ಶಿವರಾತ್ರಿ ರಾಜೇಂದ್ರ ಶ್ರೀಗಳು, ಚಿನ್ನದ ಕರಡಿಗೆಯನ್ನು ಗಿರವಿ ಇಟ್ಟು ಮಕ್ಕಳಿಗೆ ಅನ್ನದಾಸೋಹ ನೆರವೇರಿಸಿದವರು. ನಮಗೆ ಎಲ್ಲರೂ ಬೇಕು ನಾವು ಎಲ್ಲರಿಗೂ ಬೇಕು ಎಂಬುದು ಇವರ ಧ್ಯೇಯವಾಗಿತ್ತು, ನುಡಿದಂತೆ ಇವರು ನಡೆದರು. ಶ್ರೀಗಳಿಗೆ ವಿಶಾಲ ಮನೋಭಾವ ಇತ್ತು. ಅವರು ಎಲ್ಲಾ ಧರ್ಮಗಳನ್ನು ಅತ್ಯಂತ ಪ್ರೀತಿಯಿಂದ ಕಾಣುತ್ತಿದರು. ರಾಜೇಂದ್ರ ಶ್ರೀಗಳವರ ಬದುಕೇ ಒಂದು ಪವಾಡ ನಿಸ್ವಾರ್ಥ ಸೇವಾ ಮನೋಭಾವನೆ ಇವರದ್ದಾಗಿತ್ತು ಎಂದರು. ಸಂಸ್ಥೆಯ ಕಾರ್ಯದರ್ಶಿಗಳಾದ ಮಹಮ್ಮದ್ ಅಂಜುಮ್ ಪಾಷಾ ಮಾತನಾಡಿ, ಕರ್ನಾಟಕದ ಮಠಗಳ ಇತಿಹಾಸದಲ್ಲಿ ಸುತ್ತೂರು ವೀರ ಸಿಂಹಾಸನ ಮಠವು ಗೌರಿಶಂಕರ ಶಿಖರದಂತೆ ಎತ್ತರವಾಗಿ ಬೆಳೆದಿದೆ. ಈ ಭವ್ಯ ಪರಂಪರೆಯಲ್ಲಿ ಲೋಕವನ್ನು ಬೆಳಗಿಸಿದವರು 23ನೇ ಜಗದ್ಗುರು ಶ್ರೀ ಶಿವರಾತ್ರಿ ರಾಜೇಂದ್ರರು. ಆನ್ನದಾನ ವಿದ್ಯಾದಾನಗಳನ್ನು ತಪಸ್ಸಿನಂತೆ ಕೈಗೊಂಡರು. ಕನ್ನಡ ನಾಡು ಕಂಡ ಪುಣ್ಯಪುರುಷರಲ್ಲಿ ಸ್ಮರಣೀಯರಾಗಿದ್ದಾರೆ. ಹಂತವಾಗಿ ಕಲಿಸಿ ಸಮಾಜಕ್ಕೆ ಕೊಡುಗೆಯಾಗಿ ನೀಡಬೇಕೆಂದು ಭಾರತರತ್ನ ಸರ್ವಪಲ್ಲಿ ರಾಧಾಕೃಷ್ಣನ್ ರವರು ಹೇಳಿದ್ದನ್ನು ಸ್ಮರಿಸುತ್ತಾ ಇದರಂತೆ ಶಿಕ್ಷಕರು ಅನುಸರಿಸಬೇಕೆಂದು ಹೇಳಿದರು. ಆಡಳಿತ ಅಧಿಕಾರಿಗಳಾದ ಜಸಿಮ್ ಮಾತನಾಡಿ ಶಿಕ್ಷಕ ಹೇಳಿಕೊಟ್ಟ ವಿದ್ಯೆ ಮತ್ತು ತಾಯಿ ಕಟ್ಟಿಕೊಟ್ಟ ಬುತ್ತಿ ಎಂದಿಗೂ ಖಾಲಿಯಾಗುವುದಿಲ್ಲ ಸವಿದಷ್ಟು ದುಪ್ಪಟ್ಟಾಗುತ್ತದೆ. ಶಿಕ್ಷಕರ ಜೀವನವೇ ಪರಮ ಪಾವನ ಎಂದರು. ಮುಖ್ಯ ಶಿಕ್ಷಕರಾದ ಶ ಬಸವರಾಜು, ಸಹ ಶಿಕ್ಷಕರಾದ ನಟರಾಜು, ಬಸವಣ್ಣ, ಪೋಷಕರು ವಿದ್ಯಾರ್ಥಿಗಳು ಮತ್ತು ಸಿಬ್ಬಂದಿ ವರ್ಗ ಉಪಸ್ಥಿತರಿದ್ದರು.
ನಿಸರ್ಗ ಕಾಲೇಜಿಗೆ ಸಮಗ್ರ ಪಾರಿತೋಷಕ ಪ್ರಶಸ್ತಿ
ಕೊಳ್ಳೇಗಾಲ: ನಿಸರ್ಗ ಸ್ವತಂತ್ರ ಪದವಿ ಪೂರ್ವ ಕಾಲೇಜಿಗೆ ತಾಲ್ಲೂಕು ಕ್ರೀಡಾಕೂಟದಲ್ಲಿ ಸಮಗ್ರ ಪಾರಿತೋಷಕ ಪ್ರಶಸ್ತಿ ಶಾಲಾ ಶಿಕ್ಷಣ ಇಲಾಖೆ (ಪದವಿ ಪೂರ್ವ) ಚಾಮರಾಜನಗರ ಜಿಲ್ಲೆ ಹಾಗೂ ವಿಶ್ವಚೇತನ ಪದವಿಪೂರ್ವ ಕಾಲೇಜು, ಕೊಳ್ಳೇಗಾಲ ಇವರ ಸಂಯುಕ್ತಾಶ್ರಯದಲ್ಲಿ ನಡೆಯಿತು. 2025-26 ನೇ ಸಾಲಿನ ಕೊಳ್ಳೇಗಾಲ ತಾಲ್ಲೂಕು ಮಟ್ಟದ ಪದವಿ ಪೂರ್ವ ಕಾಲೇಜುಗಳ ಕ್ರೀಡಾಕೂಟದಲ್ಲಿ ನಿಸರ್ಗ ಸ್ವತಂತ್ರ ಪದವಿ ಪೂರ್ವ ಕಾಲೇಜಿಗೆ ಸಮಗ್ರ ಪಾರಿತೋಷಕ ಪ್ರಶಸ್ತಿಯನ್ನು ಪಡೆದಿದ್ದು.	ವಿಜೇತರಾದ ಪಂದ್ಯಾಟಗಳು ಹಾಗೂ ಮೇಲಾಟಗಳ ವಿವರ ಪಂದ್ಯಾಟಗಳು.! ಷಟಲ್ ಬ್ಯಾಡ್ಮಿಂಟನ್ ನಲ್ಲಿ ಯಶಸ್ ಎಸ್.ಇ ಮತ್ತು ತಂಡ ಪ್ರಥಮ ಸ್ಥಾನ. 2. ಯೋ ಯೋ ಸ್ಪರ್ಧೆಯಲ್ಲಿ ಹರ್ಷ ಬಿ ಪ್ರಥಮ ಸ್ಥಾನ. ಫೋಬಾಲ್ ಸ್ಪರ್ಧೆಯಲ್ಲಿ ತಂಡ ಪ್ರಥಮ ಸ್ಥಾನ. 4. ಕಬಡ್ಡಿ ವಿಭಾಗದಲ್ಲಿ ಕ್ವಾರ್ಟರ್ ಫೈನಲ್ ತಂಡ ಪ್ರಥಮ ಸ್ಥಾನ. ಸ್ಪರ್ಧೆಯಲ್ಲಿ ನಿಖಿಲ್ ಪ್ರಥಮ ಸ್ಥಾನತ, ವಾಲಿಬಾಲ್ ಹಾಗೂ ಬಾಸ್ಕೆಟ್‌ಬಾಲ್ ನಲ್ಲಿ ಚೇತನ್ ಮತ್ತು ತಂಡ ಪ್ರಥಮ ಸ್ಥಾನ. ಸಿ ಎಸ್ ಮತ್ತು ತಂಡ, ಜೀವನ್ ನಾಯಕ್ ಬಾಲ್ ಬ್ಯಾಡ್ಮಿಂಟನ್ ತಂಡ ದ್ವಿತೀಯ ಸ್ಥಾನ, ಪ್ರೀತಮ್ ಮತ್ತು ತಂಡ ವಿಭಾಗ :-1. ಮೋನಿಷ ಎಂ ವಿ ದ್ವಿತೀಯ ಸ್ಥಾನ, ವಿಭಾಗದಲ್ಲಿ ದಿವ್ಯ ಹಾಗೂ ಮೋನಿಷ ಎಂ ವಿ ಪ್ರಥಮ ಸ್ಥಾನ. ಪ್ರಥಮ ಸ್ಥಾನ ಚಂದ್ರು ವಠಿಗೆ ಸ್ಪರ್ಧೆಯಲ್ಲಿ ಪ್ರಥಮ, ರಿತೀಶ್ ಉಗ ಜಿತಗಳಿ ತೃತೀಯ ಸ್ಥಾನ ಕಾರ್ತಿಕ್ ಶಿವಣ ದ್ವಿತೀಯ ಸ್ಥಾನ ಪಡೆದಿರುತ್ತಾರೆ. ವಿಜೇತ ವಿದ್ಯಾರ್ಥಿಗಳನ್ನು ಕಾಲೇಜಿನ ಆಡಳಿತ ಮಂಡಳಿ, ಪ್ರಾಂಶುಪಾಲರು ಹಾಗೂ ಉಪನ್ಯಾಸಕರು ಅಭಿನಂದಿಸಿದರು.
